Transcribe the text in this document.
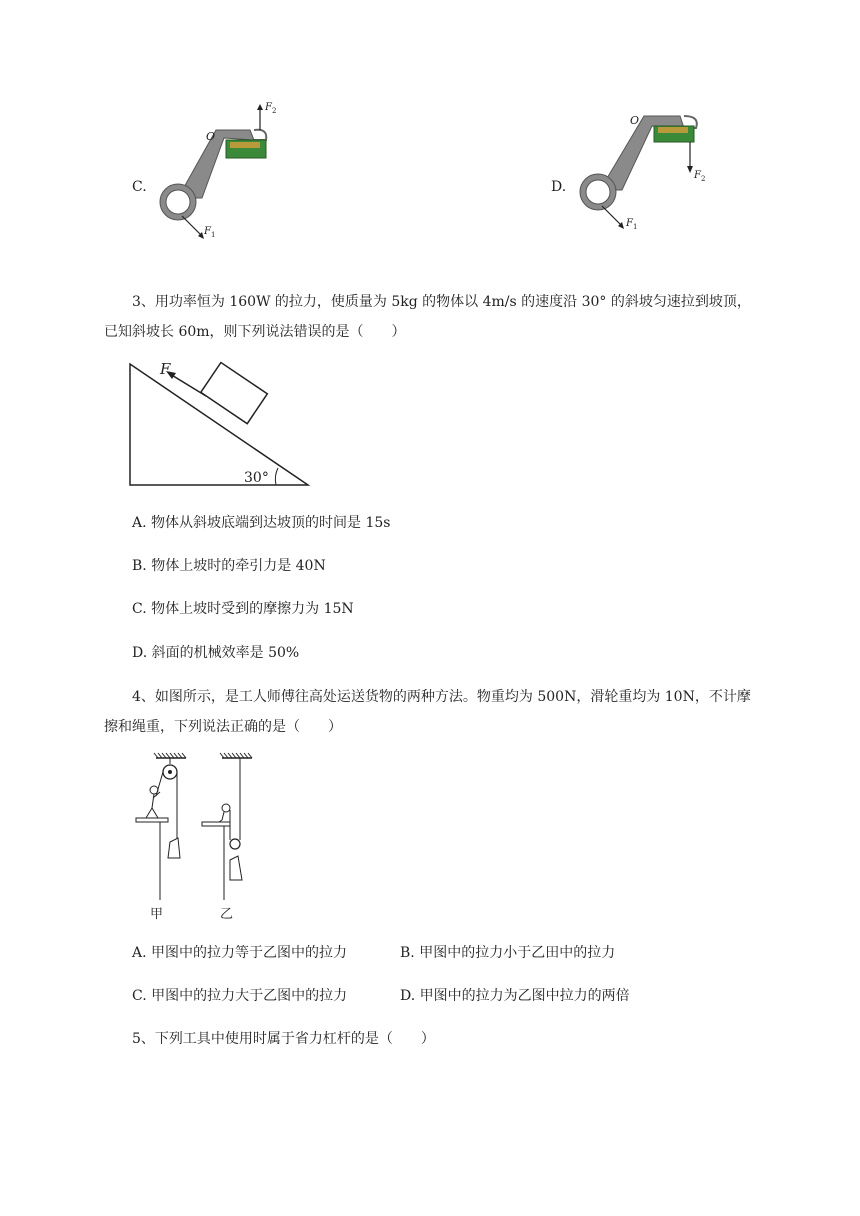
C.
O
F 2
F 1
D.
O
F 2
F 1
3、用功率恒为 160W 的拉力，使质量为 5kg 的物体以 4m/s 的速度沿 30° 的斜坡匀速拉到坡顶，
已知斜坡长 60m，则下列说法错误的是（　　）
F
30°
A. 物体从斜坡底端到达坡顶的时间是 15s
B. 物体上坡时的牵引力是 40N
C. 物体上坡时受到的摩擦力为 15N
D. 斜面的机械效率是 50%
4、如图所示，是工人师傅往高处运送货物的两种方法。物重均为 500N，滑轮重均为 10N，不计摩
擦和绳重，下列说法正确的是（　　）
甲	乙
A. 甲图中的拉力等于乙图中的拉力	B. 甲图中的拉力小于乙田中的拉力
C. 甲图中的拉力大于乙图中的拉力	D. 甲图中的拉力为乙图中拉力的两倍
5、下列工具中使用时属于省力杠杆的是（　　）
